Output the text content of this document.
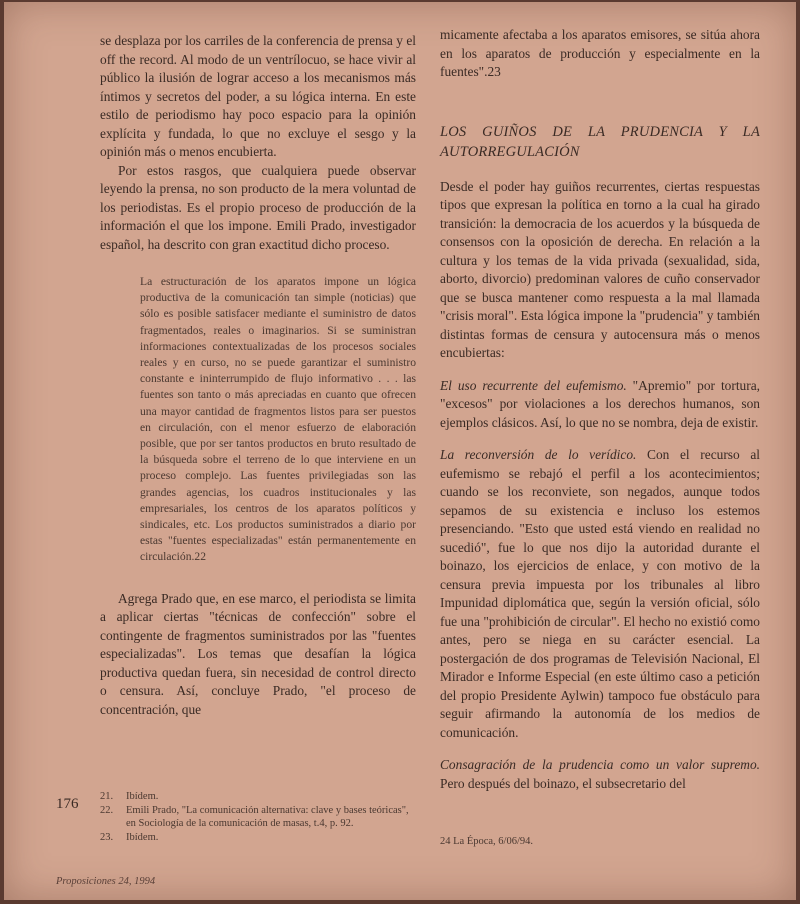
se desplaza por los carriles de la conferencia de prensa y el off the record. Al modo de un ventrílocuo, se hace vivir al público la ilusión de lograr acceso a los mecanismos más íntimos y secretos del poder, a su lógica interna. En este estilo de periodismo hay poco espacio para la opinión explícita y fundada, lo que no excluye el sesgo y la opinión más o menos encubierta.

Por estos rasgos, que cualquiera puede observar leyendo la prensa, no son producto de la mera voluntad de los periodistas. Es el propio proceso de producción de la información el que los impone. Emili Prado, investigador español, ha descrito con gran exactitud dicho proceso.

La estructuración de los aparatos impone un lógica productiva de la comunicación tan simple (noticias) que sólo es posible satisfacer mediante el suministro de datos fragmentados, reales o imaginarios. Si se suministran informaciones contextualizadas de los procesos sociales reales y en curso, no se puede garantizar el suministro constante e ininterrumpido de flujo informativo . . . las fuentes son tanto o más apreciadas en cuanto que ofrecen una mayor cantidad de fragmentos listos para ser puestos en circulación, con el menor esfuerzo de elaboración posible, que por ser tantos productos en bruto resultado de la búsqueda sobre el terreno de lo que interviene en un proceso complejo. Las fuentes privilegiadas son las grandes agencias, los cuadros institucionales y las empresariales, los centros de los aparatos políticos y sindicales, etc. Los productos suministrados a diario por estas "fuentes especializadas" están permanentemente en circulación.22

Agrega Prado que, en ese marco, el periodista se limita a aplicar ciertas "técnicas de confección" sobre el contingente de fragmentos suministrados por las "fuentes especializadas". Los temas que desafían la lógica productiva quedan fuera, sin necesidad de control directo o censura. Así, concluye Prado, "el proceso de concentración, que

176 21.	Ibídem.
22.	Emili Prado, "La comunicación alternativa: clave y bases teóricas", en Sociología de la comunicación de masas, t.4, p. 92.
23.	Ibídem.

micamente afectaba a los aparatos emisores, se sitúa ahora en los aparatos de producción y especialmente en la fuentes".23

LOS GUIÑOS DE LA PRUDENCIA Y LA AUTORREGULACIÓN

Desde el poder hay guiños recurrentes, ciertas respuestas tipos que expresan la política en torno a la cual ha girado transición: la democracia de los acuerdos y la búsqueda de consensos con la oposición de derecha. En relación a la cultura y los temas de la vida privada (sexualidad, sida, aborto, divorcio) predominan valores de cuño conservador que se busca mantener como respuesta a la mal llamada "crisis moral". Esta lógica impone la "prudencia" y también distintas formas de censura y autocensura más o menos encubiertas:

El uso recurrente del eufemismo. "Apremio" por tortura, "excesos" por violaciones a los derechos humanos, son ejemplos clásicos. Así, lo que no se nombra, deja de existir.

La reconversión de lo verídico. Con el recurso al eufemismo se rebajó el perfil a los acontecimientos; cuando se los reconviete, son negados, aunque todos sepamos de su existencia e incluso los estemos presenciando. "Esto que usted está viendo en realidad no sucedió", fue lo que nos dijo la autoridad durante el boinazo, los ejercicios de enlace, y con motivo de la censura previa impuesta por los tribunales al libro Impunidad diplomática que, según la versión oficial, sólo fue una "prohibición de circular". El hecho no existió como antes, pero se niega en su carácter esencial. La postergación de dos programas de Televisión Nacional, El Mirador e Informe Especial (en este último caso a petición del propio Presidente Aylwin) tampoco fue obstáculo para seguir afirmando la autonomía de los medios de comunicación.

Consagración de la prudencia como un valor supremo. Pero después del boinazo, el subsecretario del

24 La Época, 6/06/94.
Proposiciones 24, 1994
